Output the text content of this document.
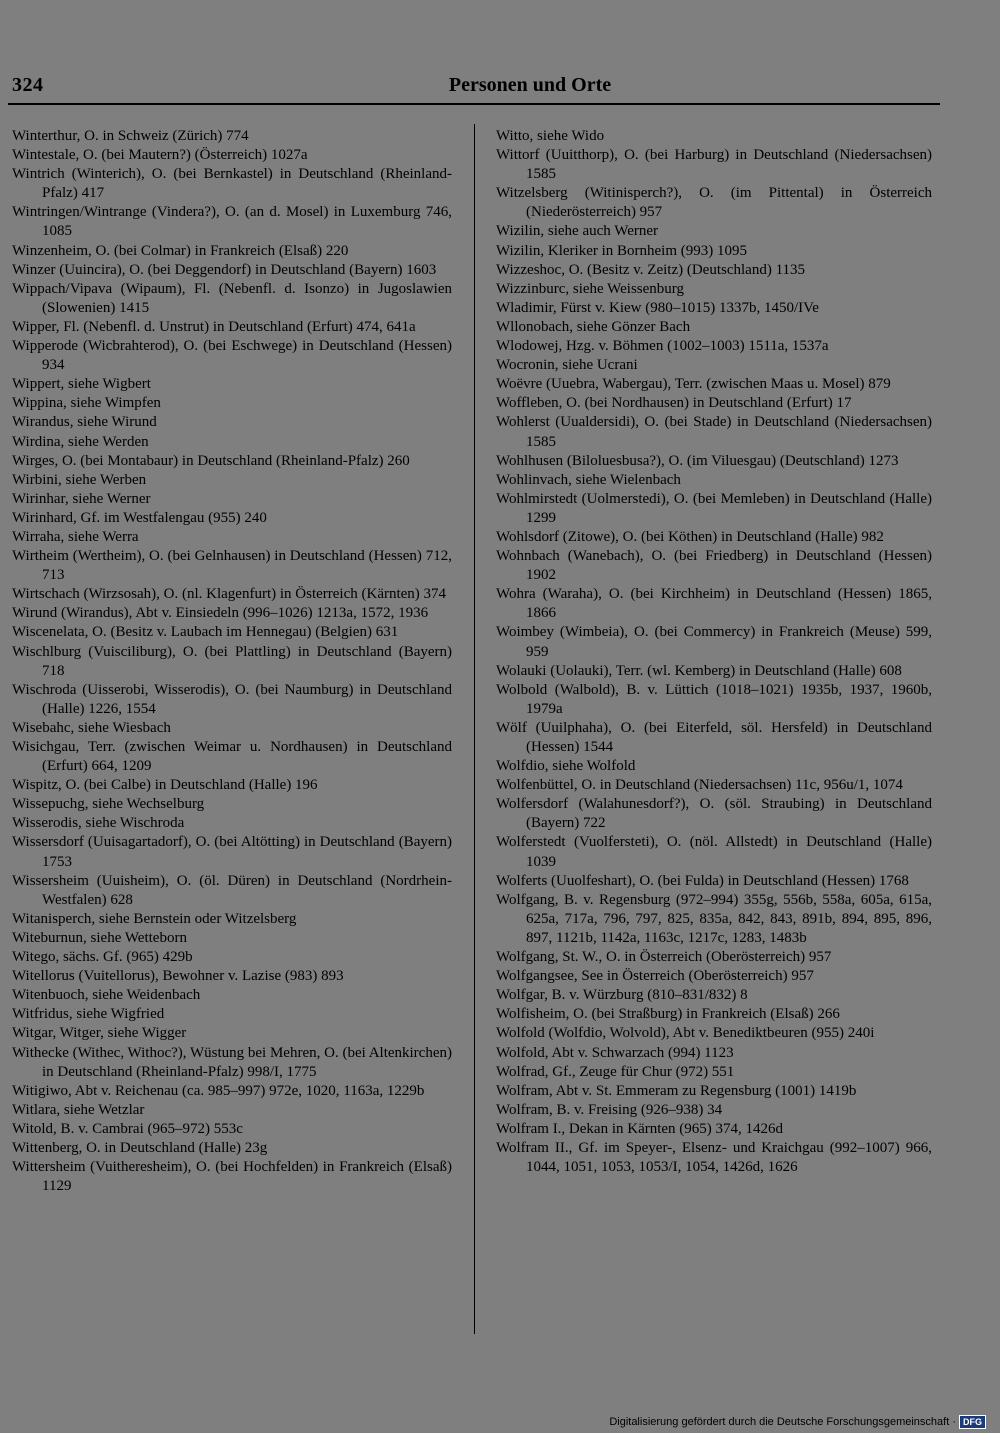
324	Personen und Orte

Winterthur, O. in Schweiz (Zürich) 774

Wintestale, O. (bei Mautern?) (Österreich) 1027a

Wintrich (Winterich), O. (bei Bernkastel) in Deutschland (Rheinland-Pfalz) 417

Wintringen/Wintrange (Vindera?), O. (an d. Mosel) in Luxemburg 746, 1085

Winzenheim, O. (bei Colmar) in Frankreich (Elsaß) 220

Winzer (Uuincira), O. (bei Deggendorf) in Deutschland (Bayern) 1603

Wippach/Vipava (Wipaum), Fl. (Nebenfl. d. Isonzo) in Jugoslawien (Slowenien) 1415

Wipper, Fl. (Nebenfl. d. Unstrut) in Deutschland (Erfurt) 474, 641a

Wipperode (Wicbrahterod), O. (bei Eschwege) in Deutschland (Hessen) 934

Wippert, siehe Wigbert

Wippina, siehe Wimpfen

Wirandus, siehe Wirund

Wirdina, siehe Werden

Wirges, O. (bei Montabaur) in Deutschland (Rheinland-Pfalz) 260

Wirbini, siehe Werben

Wirinhar, siehe Werner

Wirinhard, Gf. im Westfalengau (955) 240

Wirraha, siehe Werra

Wirtheim (Wertheim), O. (bei Gelnhausen) in Deutschland (Hessen) 712, 713

Wirtschach (Wirzsosah), O. (nl. Klagenfurt) in Österreich (Kärnten) 374

Wirund (Wirandus), Abt v. Einsiedeln (996–1026) 1213a, 1572, 1936

Wiscenelata, O. (Besitz v. Laubach im Hennegau) (Belgien) 631

Wischlburg (Vuisciliburg), O. (bei Plattling) in Deutschland (Bayern) 718

Wischroda (Uisserobi, Wisserodis), O. (bei Naumburg) in Deutschland (Halle) 1226, 1554

Wisebahc, siehe Wiesbach

Wisichgau, Terr. (zwischen Weimar u. Nordhausen) in Deutschland (Erfurt) 664, 1209

Wispitz, O. (bei Calbe) in Deutschland (Halle) 196

Wissepuchg, siehe Wechselburg

Wisserodis, siehe Wischroda

Wissersdorf (Uuisagartadorf), O. (bei Altötting) in Deutschland (Bayern) 1753

Wissersheim (Uuisheim), O. (öl. Düren) in Deutschland (Nordrhein-Westfalen) 628

Witanisperch, siehe Bernstein oder Witzelsberg

Witeburnun, siehe Wetteborn

Witego, sächs. Gf. (965) 429b

Witellorus (Vuitellorus), Bewohner v. Lazise (983) 893

Witenbuoch, siehe Weidenbach

Witfridus, siehe Wigfried

Witgar, Witger, siehe Wigger

Withecke (Withec, Withoc?), Wüstung bei Mehren, O. (bei Altenkirchen) in Deutschland (Rheinland-Pfalz) 998/I, 1775

Witigiwo, Abt v. Reichenau (ca. 985–997) 972e, 1020, 1163a, 1229b

Witlara, siehe Wetzlar

Witold, B. v. Cambrai (965–972) 553c

Wittenberg, O. in Deutschland (Halle) 23g

Wittersheim (Vuitheresheim), O. (bei Hochfelden) in Frankreich (Elsaß) 1129

Witto, siehe Wido

Wittorf (Uuitthorp), O. (bei Harburg) in Deutschland (Niedersachsen) 1585

Witzelsberg (Witinisperch?), O. (im Pittental) in Österreich (Niederösterreich) 957

Wizilin, siehe auch Werner

Wizilin, Kleriker in Bornheim (993) 1095

Wizzeshoc, O. (Besitz v. Zeitz) (Deutschland) 1135

Wizzinburc, siehe Weissenburg

Wladimir, Fürst v. Kiew (980–1015) 1337b, 1450/IVe

Wllonobach, siehe Gönzer Bach

Wlodowej, Hzg. v. Böhmen (1002–1003) 1511a, 1537a

Wocronin, siehe Ucrani

Woëvre (Uuebra, Wabergau), Terr. (zwischen Maas u. Mosel) 879

Woffleben, O. (bei Nordhausen) in Deutschland (Erfurt) 17

Wohlerst (Uualdersidi), O. (bei Stade) in Deutschland (Niedersachsen) 1585

Wohlhusen (Biloluesbusa?), O. (im Viluesgau) (Deutschland) 1273

Wohlinvach, siehe Wielenbach

Wohlmirstedt (Uolmerstedi), O. (bei Memleben) in Deutschland (Halle) 1299

Wohlsdorf (Zitowe), O. (bei Köthen) in Deutschland (Halle) 982

Wohnbach (Wanebach), O. (bei Friedberg) in Deutschland (Hessen) 1902

Wohra (Waraha), O. (bei Kirchheim) in Deutschland (Hessen) 1865, 1866

Woimbey (Wimbeia), O. (bei Commercy) in Frankreich (Meuse) 599, 959

Wolauki (Uolauki), Terr. (wl. Kemberg) in Deutschland (Halle) 608

Wolbold (Walbold), B. v. Lüttich (1018–1021) 1935b, 1937, 1960b, 1979a

Wölf (Uuilphaha), O. (bei Eiterfeld, söl. Hersfeld) in Deutschland (Hessen) 1544

Wolfdio, siehe Wolfold

Wolfenbüttel, O. in Deutschland (Niedersachsen) 11c, 956u/1, 1074

Wolfersdorf (Walahunesdorf?), O. (söl. Straubing) in Deutschland (Bayern) 722

Wolferstedt (Vuolfersteti), O. (nöl. Allstedt) in Deutschland (Halle) 1039

Wolferts (Uuolfeshart), O. (bei Fulda) in Deutschland (Hessen) 1768

Wolfgang, B. v. Regensburg (972–994) 355g, 556b, 558a, 605a, 615a, 625a, 717a, 796, 797, 825, 835a, 842, 843, 891b, 894, 895, 896, 897, 1121b, 1142a, 1163c, 1217c, 1283, 1483b

Wolfgang, St. W., O. in Österreich (Oberösterreich) 957

Wolfgangsee, See in Österreich (Oberösterreich) 957

Wolfgar, B. v. Würzburg (810–831/832) 8

Wolfisheim, O. (bei Straßburg) in Frankreich (Elsaß) 266

Wolfold (Wolfdio, Wolvold), Abt v. Benediktbeuren (955) 240i

Wolfold, Abt v. Schwarzach (994) 1123

Wolfrad, Gf., Zeuge für Chur (972) 551

Wolfram, Abt v. St. Emmeram zu Regensburg (1001) 1419b

Wolfram, B. v. Freising (926–938) 34

Wolfram I., Dekan in Kärnten (965) 374, 1426d

Wolfram II., Gf. im Speyer-, Elsenz- und Kraichgau (992–1007) 966, 1044, 1051, 1053, 1053/I, 1054, 1426d, 1626

Digitalisierung gefördert durch die Deutsche Forschungsgemeinschaft · DFG
